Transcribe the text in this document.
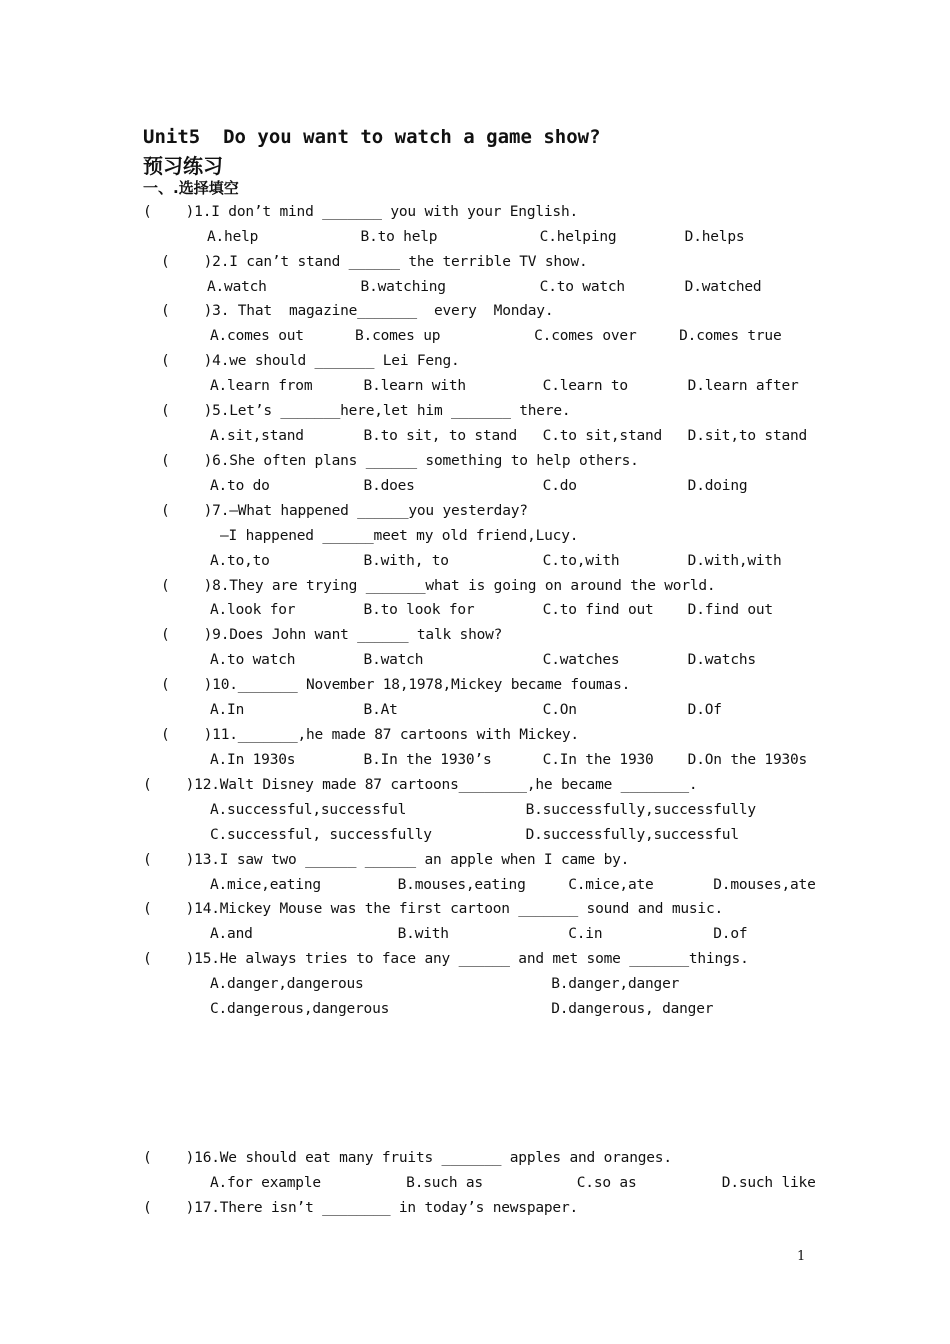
Unit5  Do you want to watch a game show?
预习练习
一、.选择填空
(    )1.I don’t mind _______ you with your English.
A.help            B.to help            C.helping        D.helps
(    )2.I can’t stand ______ the terrible TV show.
A.watch           B.watching           C.to watch       D.watched
(    )3. That  magazine_______  every  Monday.
A.comes out      B.comes up           C.comes over     D.comes true
(    )4.we should _______ Lei Feng.
A.learn from      B.learn with         C.learn to       D.learn after
(    )5.Let’s _______here,let him _______ there.
A.sit,stand       B.to sit, to stand   C.to sit,stand   D.sit,to stand
(    )6.She often plans ______ something to help others.
A.to do           B.does               C.do             D.doing
(    )7.—What happened ______you yesterday?
—I happened ______meet my old friend,Lucy.
A.to,to           B.with, to           C.to,with        D.with,with
(    )8.They are trying _______what is going on around the world.
A.look for        B.to look for        C.to find out    D.find out
(    )9.Does John want ______ talk show?
A.to watch        B.watch              C.watches        D.watchs
(    )10._______ November 18,1978,Mickey became foumas.
A.In              B.At                 C.On             D.Of
(    )11._______,he made 87 cartoons with Mickey.
A.In 1930s        B.In the 1930’s      C.In the 1930    D.On the 1930s
(    )12.Walt Disney made 87 cartoons________,he became ________.
A.successful,successful              B.successfully,successfully
C.successful, successfully           D.successfully,successful
(    )13.I saw two ______ ______ an apple when I came by.
A.mice,eating         B.mouses,eating     C.mice,ate       D.mouses,ate
(    )14.Mickey Mouse was the first cartoon _______ sound and music.
A.and                 B.with              C.in             D.of
(    )15.He always tries to face any ______ and met some _______things.
A.danger,dangerous                      B.danger,danger
C.dangerous,dangerous                   D.dangerous, danger
(    )16.We should eat many fruits _______ apples and oranges.
A.for example          B.such as           C.so as          D.such like
(    )17.There isn’t ________ in today’s newspaper.
1
